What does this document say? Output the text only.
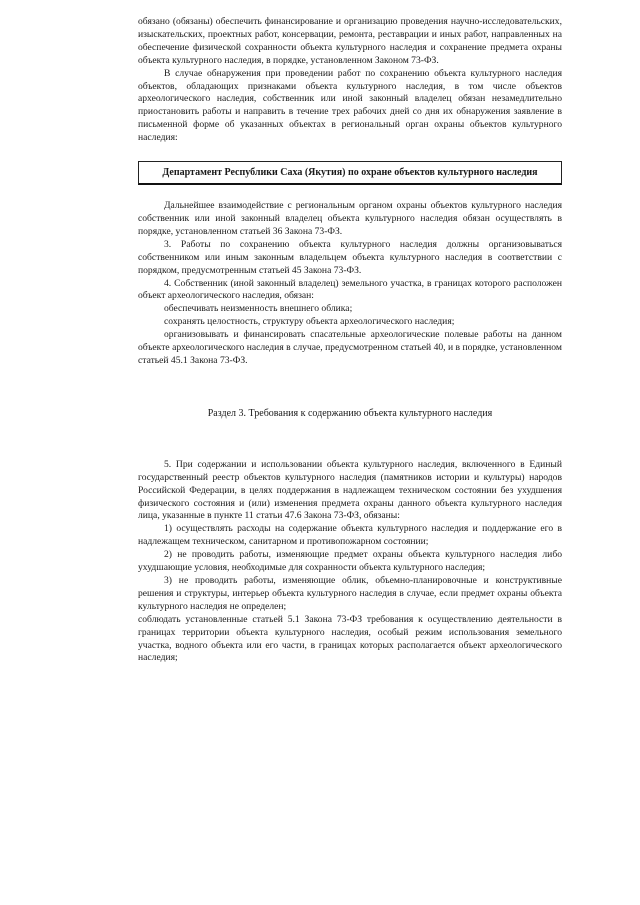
обязано (обязаны) обеспечить финансирование и организацию проведения научно-исследовательских, изыскательских, проектных работ, консервации, ремонта, реставрации и иных работ, направленных на обеспечение физической сохранности объекта культурного наследия и сохранение предмета охраны объекта культурного наследия, в порядке, установленном Законом 73-ФЗ.

В случае обнаружения при проведении работ по сохранению объекта культурного наследия объектов, обладающих признаками объекта культурного наследия, в том числе объектов археологического наследия, собственник или иной законный владелец обязан незамедлительно приостановить работы и направить в течение трех рабочих дней со дня их обнаружения заявление в письменной форме об указанных объектах в региональный орган охраны объектов культурного наследия:

Департамент Республики Саха (Якутия) по охране объектов культурного наследия

Дальнейшее взаимодействие с региональным органом охраны объектов культурного наследия собственник или иной законный владелец объекта культурного наследия обязан осуществлять в порядке, установленном статьей 36 Закона 73-ФЗ.

3. Работы по сохранению объекта культурного наследия должны организовываться собственником или иным законным владельцем объекта культурного наследия в соответствии с порядком, предусмотренным статьей 45 Закона 73-ФЗ.

4. Собственник (иной законный владелец) земельного участка, в границах которого расположен объект археологического наследия, обязан:

обеспечивать неизменность внешнего облика;

сохранять целостность, структуру объекта археологического наследия;

организовывать и финансировать спасательные археологические полевые работы на данном объекте археологического наследия в случае, предусмотренном статьей 40, и в порядке, установленном статьей 45.1 Закона 73-ФЗ.

Раздел 3. Требования к содержанию объекта культурного наследия

5. При содержании и использовании объекта культурного наследия, включенного в Единый государственный реестр объектов культурного наследия (памятников истории и культуры) народов Российской Федерации, в целях поддержания в надлежащем техническом состоянии без ухудшения физического состояния и (или) изменения предмета охраны данного объекта культурного наследия лица, указанные в пункте 11 статьи 47.6 Закона 73-ФЗ, обязаны:

1) осуществлять расходы на содержание объекта культурного наследия и поддержание его в надлежащем техническом, санитарном и противопожарном состоянии;

2) не проводить работы, изменяющие предмет охраны объекта культурного наследия либо ухудшающие условия, необходимые для сохранности объекта культурного наследия;

3) не проводить работы, изменяющие облик, объемно-планировочные и конструктивные решения и структуры, интерьер объекта культурного наследия в случае, если предмет охраны объекта культурного наследия не определен;

соблюдать установленные статьей 5.1 Закона 73-ФЗ требования к осуществлению деятельности в границах территории объекта культурного наследия, особый режим использования земельного участка, водного объекта или его части, в границах которых располагается объект археологического наследия;
